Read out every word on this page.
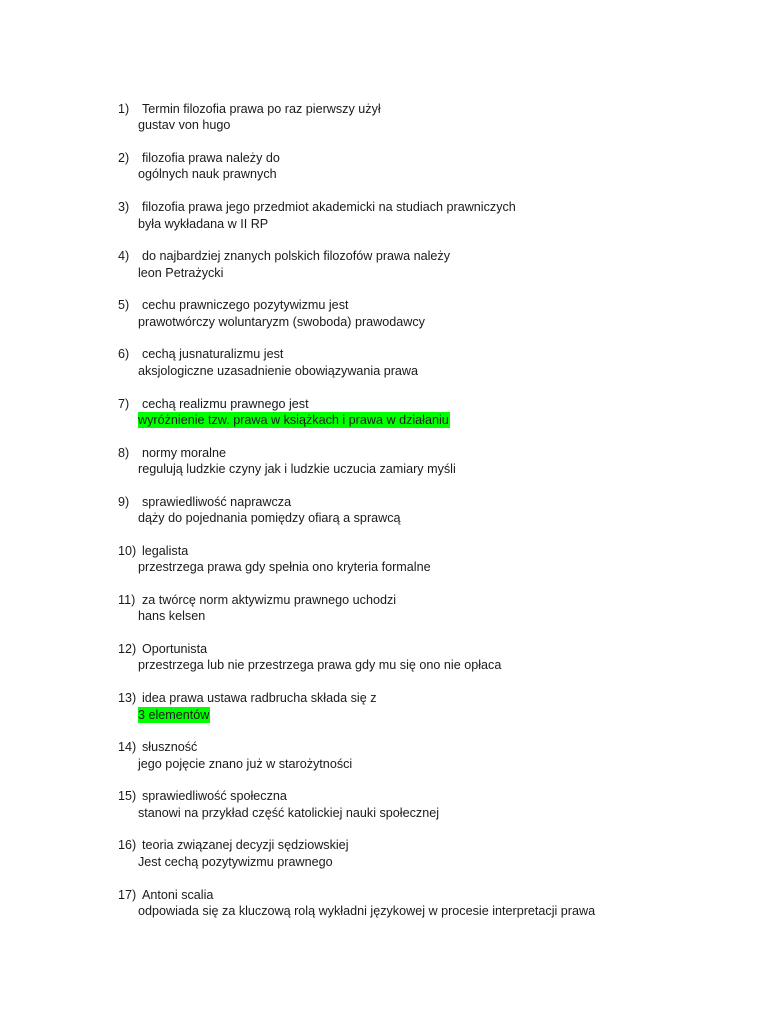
1) Termin filozofia prawa po raz pierwszy użył
gustav von hugo
2) filozofia prawa należy do
ogólnych nauk prawnych
3) filozofia prawa jego przedmiot akademicki na studiach prawniczych
była wykładana w II RP
4) do najbardziej znanych polskich filozofów prawa należy
leon Petrażycki
5) cechu prawniczego pozytywizmu jest
prawotwórczy woluntaryzm (swoboda) prawodawcy
6) cechą jusnaturalizmu jest
aksjologiczne uzasadnienie obowiązywania prawa
7) cechą realizmu prawnego jest
wyróżnienie tzw. prawa w książkach i prawa w działaniu
8) normy moralne
regulują ludzkie czyny jak i ludzkie uczucia zamiary myśli
9) sprawiedliwość naprawcza
dąży do pojednania pomiędzy ofiarą a sprawcą
10) legalista
przestrzega prawa gdy spełnia ono kryteria formalne
11) za twórcę norm aktywizmu prawnego uchodzi
hans kelsen
12) Oportunista
przestrzega lub nie przestrzega prawa gdy mu się ono nie opłaca
13) idea prawa ustawa radbrucha składa się z
3 elementów
14) słuszność
jego pojęcie znano już w starożytności
15) sprawiedliwość społeczna
stanowi na przykład część katolickiej nauki społecznej
16) teoria związanej decyzji sędziowskiej
Jest cechą pozytywizmu prawnego
17) Antoni scalia
odpowiada się za kluczową rolą wykładni językowej w procesie interpretacji prawa
